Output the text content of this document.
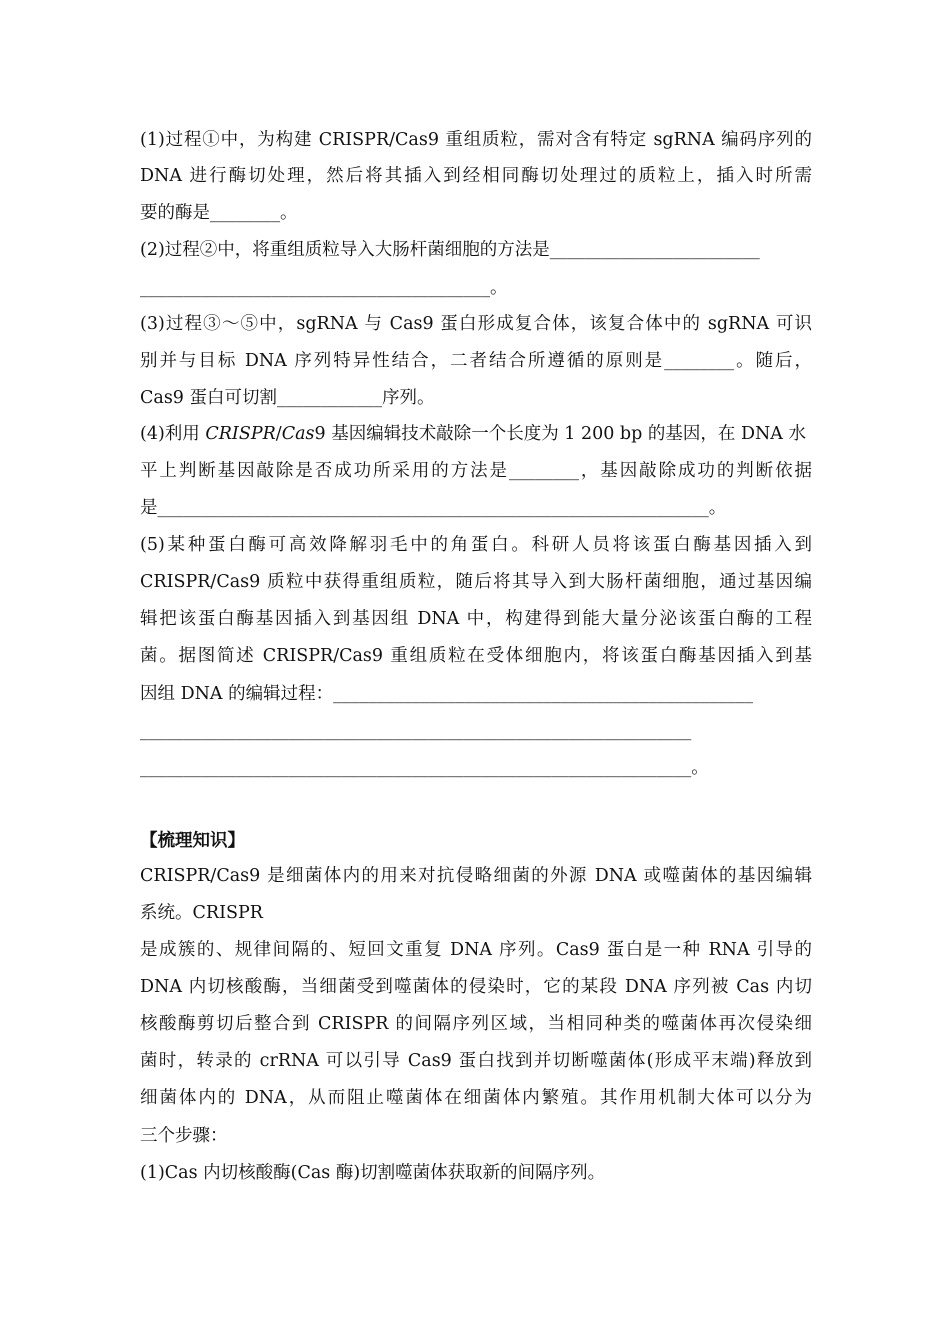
(1)过程①中，为构建 CRISPR/Cas9 重组质粒，需对含有特定 sgRNA 编码序列的
DNA 进行酶切处理，然后将其插入到经相同酶切处理过的质粒上，插入时所需
要的酶是________。
(2)过程②中，将重组质粒导入大肠杆菌细胞的方法是________________________
________________________________________。
(3)过程③～⑤中，sgRNA 与 Cas9 蛋白形成复合体，该复合体中的 sgRNA 可识
别并与目标 DNA 序列特异性结合，二者结合所遵循的原则是________。随后，
Cas9 蛋白可切割____________序列。
(4)利用 CRISPR/Cas9 基因编辑技术敲除一个长度为 1 200 bp 的基因，在 DNA 水
平上判断基因敲除是否成功所采用的方法是________，基因敲除成功的判断依据
是_______________________________________________________________。
(5)某种蛋白酶可高效降解羽毛中的角蛋白。科研人员将该蛋白酶基因插入到
CRISPR/Cas9 质粒中获得重组质粒，随后将其导入到大肠杆菌细胞，通过基因编
辑把该蛋白酶基因插入到基因组 DNA 中，构建得到能大量分泌该蛋白酶的工程
菌。据图简述 CRISPR/Cas9 重组质粒在受体细胞内，将该蛋白酶基因插入到基
因组 DNA 的编辑过程：________________________________________________
_______________________________________________________________
_______________________________________________________________。
【梳理知识】
CRISPR/Cas9 是细菌体内的用来对抗侵略细菌的外源 DNA 或噬菌体的基因编辑
系统。CRISPR
是成簇的、规律间隔的、短回文重复 DNA 序列。Cas9 蛋白是一种 RNA 引导的
DNA 内切核酸酶，当细菌受到噬菌体的侵染时，它的某段 DNA 序列被 Cas 内切
核酸酶剪切后整合到 CRISPR 的间隔序列区域，当相同种类的噬菌体再次侵染细
菌时，转录的 crRNA 可以引导 Cas9 蛋白找到并切断噬菌体(形成平末端)释放到
细菌体内的 DNA，从而阻止噬菌体在细菌体内繁殖。其作用机制大体可以分为
三个步骤：
(1)Cas 内切核酸酶(Cas 酶)切割噬菌体获取新的间隔序列。
